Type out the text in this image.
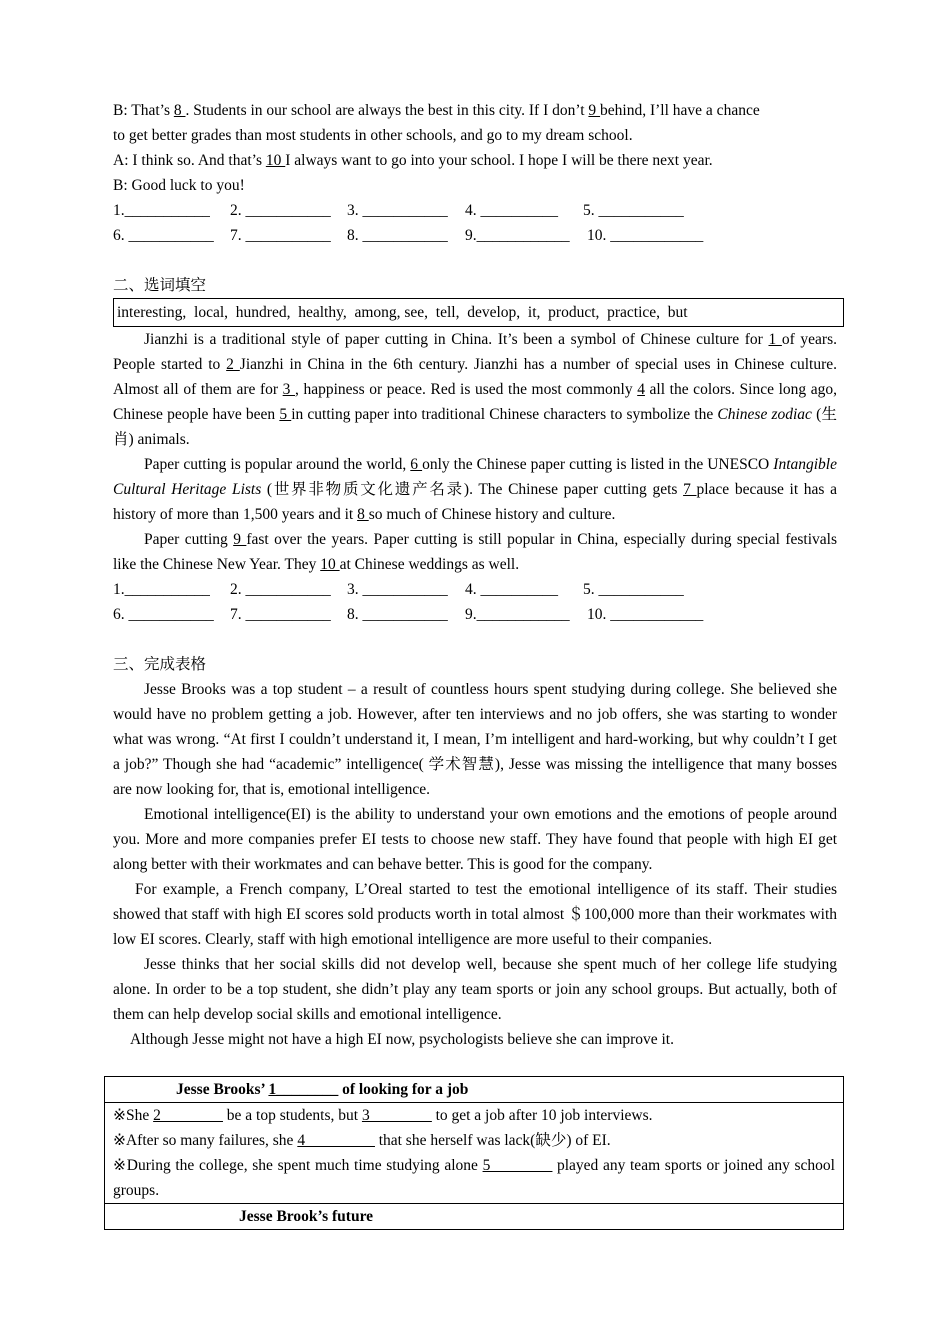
B: That’s 8 . Students in our school are always the best in this city. If I don’t 9 behind, I’ll have a chance

to get better grades than most students in other schools, and go to my dream school.

A: I think so. And that’s 10 I always want to go into your school. I hope I will be there next year.

B: Good luck to you!

1.___________	2. ___________	3. ___________	4. __________	5. ___________
6. ___________	7. ___________	8. ___________	9.____________	10. ____________

二、选词填空

interesting,  local,  hundred,  healthy,  among, see,  tell,  develop,  it,  product,  practice,  but

Jianzhi is a traditional style of paper cutting in China. It’s been a symbol of Chinese culture for 1 of years. People started to 2 Jianzhi in China in the 6th century. Jianzhi has a number of special uses in Chinese culture. Almost all of them are for 3 , happiness or peace. Red is used the most commonly 4 all the colors. Since long ago, Chinese people have been 5 in cutting paper into traditional Chinese characters to symbolize the Chinese zodiac (生肖) animals.

Paper cutting is popular around the world, 6 only the Chinese paper cutting is listed in the UNESCO Intangible Cultural Heritage Lists (世界非物质文化遗产名录). The Chinese paper cutting gets 7 place because it has a history of more than 1,500 years and it 8 so much of Chinese history and culture.

Paper cutting 9 fast over the years. Paper cutting is still popular in China, especially during special festivals like the Chinese New Year. They 10 at Chinese weddings as well.

1.___________	2. ___________	3. ___________	4. __________	5. ___________
6. ___________	7. ___________	8. ___________	9.____________	10. ____________

三、完成表格

Jesse Brooks was a top student – a result of countless hours spent studying during college. She believed she would have no problem getting a job. However, after ten interviews and no job offers, she was starting to wonder what was wrong. “At first I couldn’t understand it, I mean, I’m intelligent and hard-working, but why couldn’t I get a job?” Though she had “academic” intelligence( 学术智慧), Jesse was missing the intelligence that many bosses are now looking for, that is, emotional intelligence.

Emotional intelligence(EI) is the ability to understand your own emotions and the emotions of people around you. More and more companies prefer EI tests to choose new staff. They have found that people with high EI get along better with their workmates and can behave better. This is good for the company.

For example, a French company, L’Oreal started to test the emotional intelligence of its staff. Their studies showed that staff with high EI scores sold products worth in total almost ＄100,000 more than their workmates with low EI scores. Clearly, staff with high emotional intelligence are more useful to their companies.

Jesse thinks that her social skills did not develop well, because she spent much of her college life studying alone. In order to be a top student, she didn’t play any team sports or join any school groups. But actually, both of them can help develop social skills and emotional intelligence.

Although Jesse might not have a high EI now, psychologists believe she can improve it.

Jesse Brooks’ 1________ of looking for a job

※She 2________ be a top students, but 3________ to get a job after 10 job interviews.

※After so many failures, she 4_________ that she herself was lack(缺少) of EI.

※During the college, she spent much time studying alone 5________ played any team sports or joined any school groups.

Jesse Brook’s future
